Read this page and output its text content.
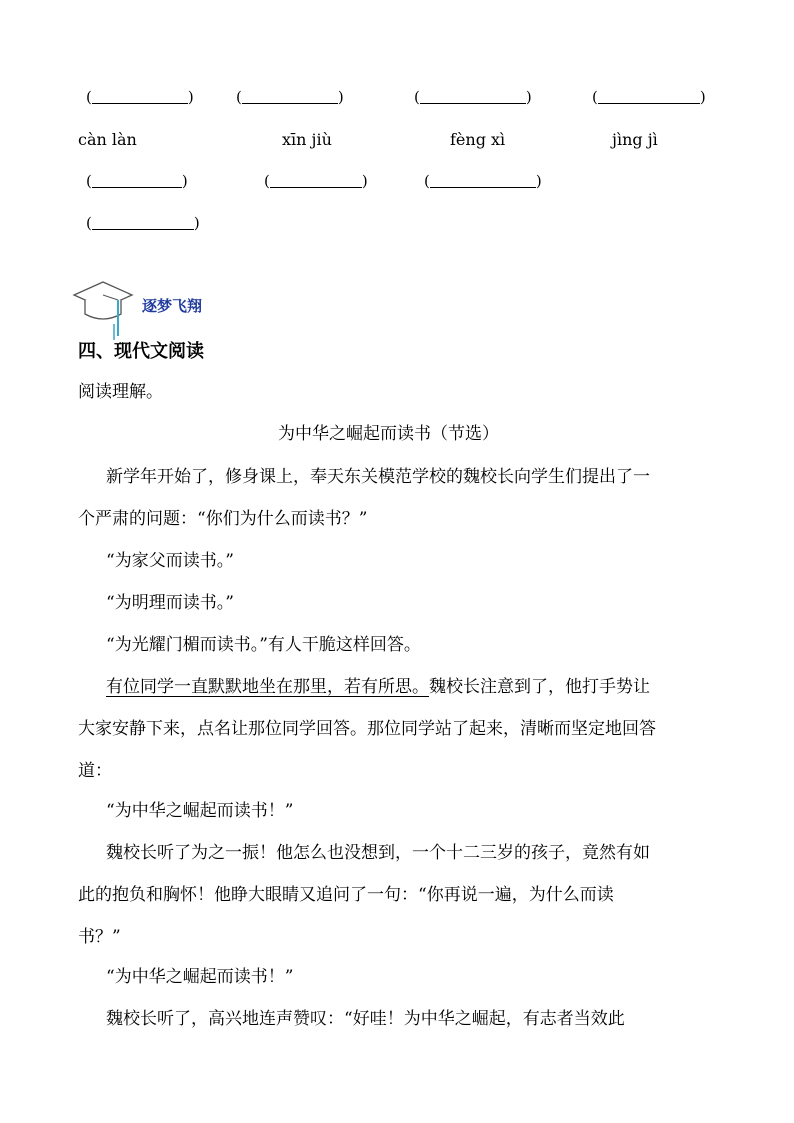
(	)	(	)	(	)	(	)
càn làn	xīn jiù	fèng xì	jìng jì
(	)	(	)	(	)
(	)
逐梦飞翔
四、现代文阅读
阅读理解。
为中华之崛起而读书（节选）
新学年开始了，修身课上，奉天东关模范学校的魏校长向学生们提出了一
个严肃的问题：“你们为什么而读书？”
“为家父而读书。”
“为明理而读书。”
“为光耀门楣而读书。”有人干脆这样回答。
有位同学一直默默地坐在那里，若有所思。魏校长注意到了，他打手势让
大家安静下来，点名让那位同学回答。那位同学站了起来，清晰而坚定地回答
道：
“为中华之崛起而读书！”
魏校长听了为之一振！他怎么也没想到，一个十二三岁的孩子，竟然有如
此的抱负和胸怀！他睁大眼睛又追问了一句：“你再说一遍，为什么而读
书？”
“为中华之崛起而读书！”
魏校长听了，高兴地连声赞叹：“好哇！为中华之崛起，有志者当效此
